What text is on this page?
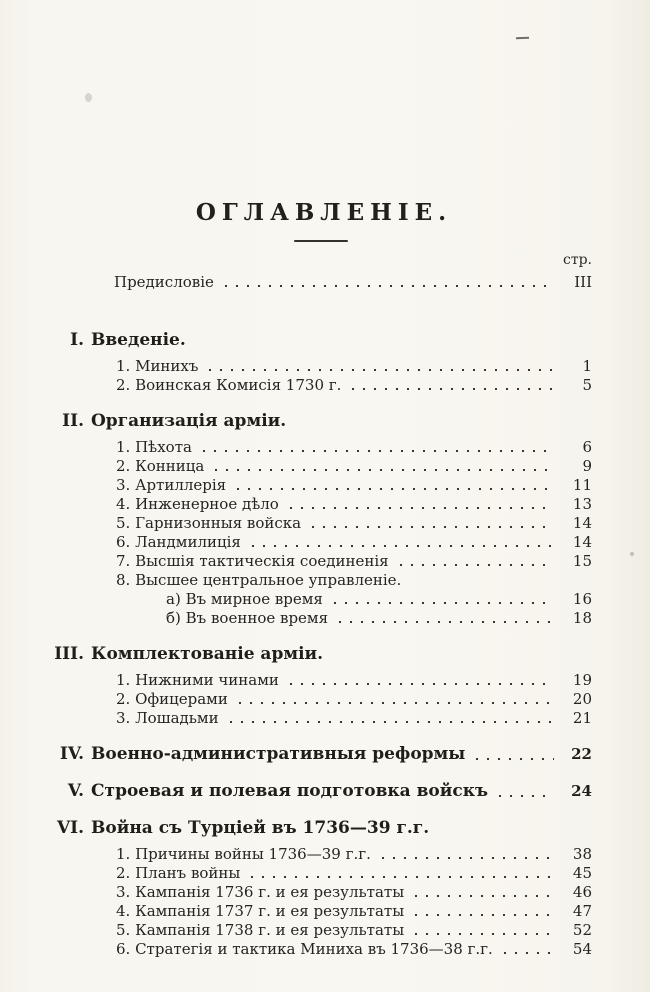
ОГЛАВЛЕНІЕ.
стр.
Предисловіе	III
I. Введеніе.
1. Минихъ	1
2. Воинская Комисія 1730 г.	5
II. Организація арміи.
1. Пѣхота	6
2. Конница	9
3. Артиллерія	11
4. Инженерное дѣло	13
5. Гарнизонныя войска	14
6. Ландмилиція	14
7. Высшія тактическія соединенія	15
8. Высшее центральное управленіе.
а) Въ мирное время	16
б) Въ военное время	18
III. Комплектованіе арміи.
1. Нижними чинами	19
2. Офицерами	20
3. Лошадьми	21
IV. Военно-административныя реформы	22
V. Строевая и полевая подготовка войскъ	24
VI. Война съ Турціей въ 1736—39 г.г.
1. Причины войны 1736—39 г.г.	38
2. Планъ войны	45
3. Кампанія 1736 г. и ея результаты	46
4. Кампанія 1737 г. и ея результаты	47
5. Кампанія 1738 г. и ея результаты	52
6. Стратегія и тактика Миниха въ 1736—38 г.г.	54
